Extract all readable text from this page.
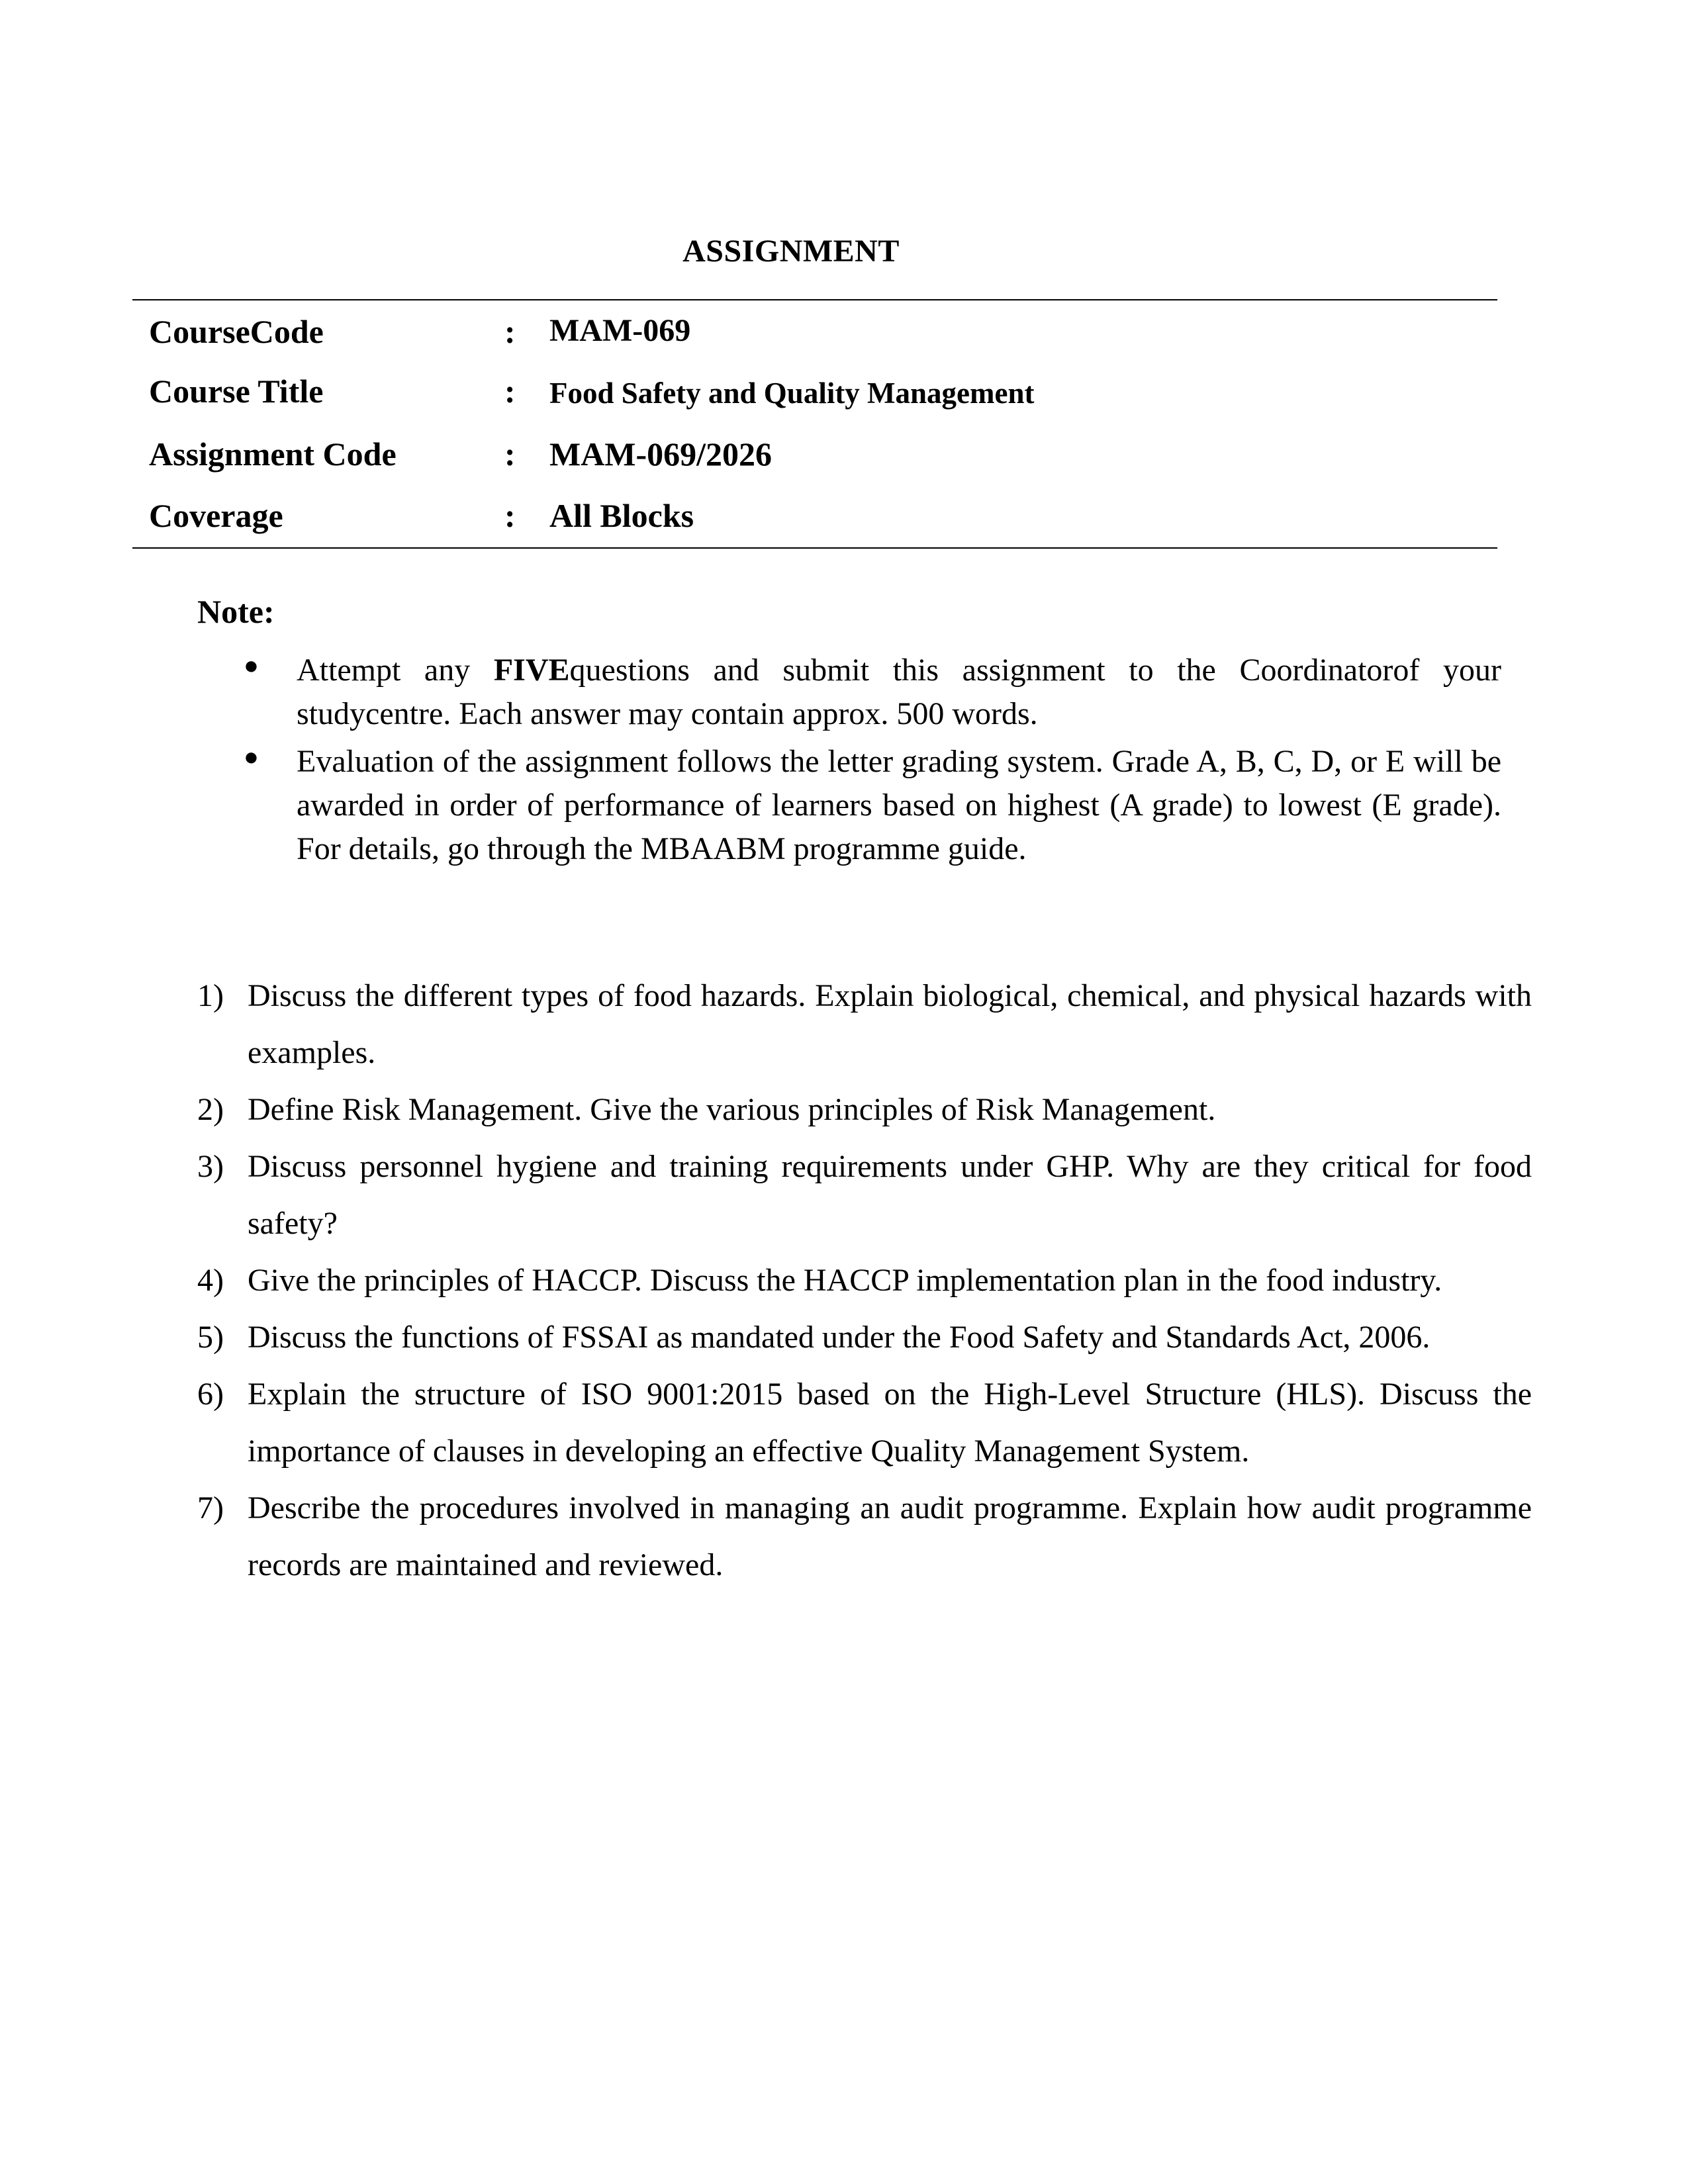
ASSIGNMENT
CourseCode	: MAM-069
Course Title	: Food Safety and Quality Management
Assignment Code	: MAM-069/2026
Coverage	: All Blocks
Note:
● Attempt any FIVEquestions and submit this assignment to the Coordinatorof your studycentre. Each answer may contain approx. 500 words.
● Evaluation of the assignment follows the letter grading system. Grade A, B, C, D, or E will be awarded in order of performance of learners based on highest (A grade) to lowest (E grade). For details, go through the MBAABM programme guide.
1) Discuss the different types of food hazards. Explain biological, chemical, and physical hazards with examples.
2) Define Risk Management. Give the various principles of Risk Management.
3) Discuss personnel hygiene and training requirements under GHP. Why are they critical for food safety?
4) Give the principles of HACCP. Discuss the HACCP implementation plan in the food industry.
5) Discuss the functions of FSSAI as mandated under the Food Safety and Standards Act, 2006.
6) Explain the structure of ISO 9001:2015 based on the High-Level Structure (HLS). Discuss the importance of clauses in developing an effective Quality Management System.
7) Describe the procedures involved in managing an audit programme. Explain how audit programme records are maintained and reviewed.
